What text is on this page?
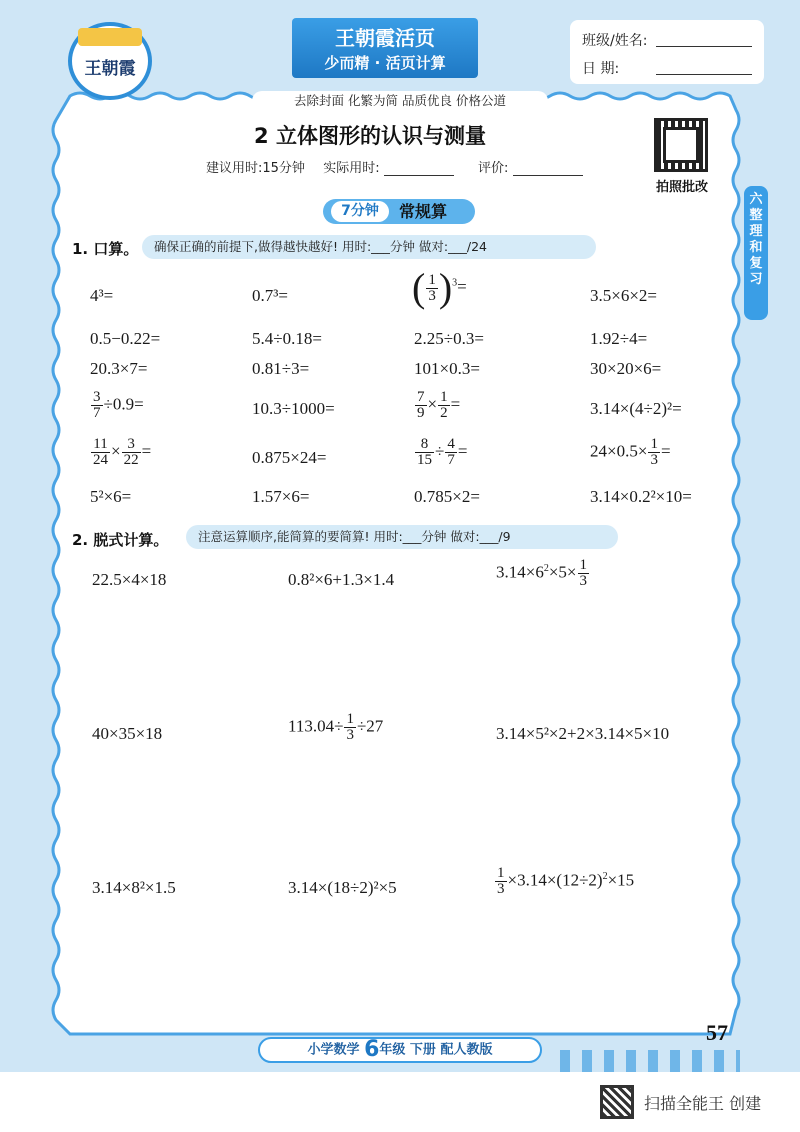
王朝霞
王朝霞活页
少而精 · 活页计算
去除封面 化繁为简 品质优良 价格公道
班级/姓名:
日 期:
2 立体图形的认识与测量
建议用时:15分钟 实际用时:	评价:
拍照批改
六
整
理
和
复
习
7分钟	常规算
1. 口算。	确保正确的前提下,做得越快越好! 用时:___分钟 做对:___/24
4³=	0.7³=	( $\frac{1}{3} )^3=$	3.5×6×2=
0.5−0.22=	5.4÷0.18=	2.25÷0.3=	1.92÷4=
20.3×7=	0.81÷3=	101×0.3=	30×20×6=
$\frac{3}{7} \div 0.9=$	10.3÷1000=	$\frac{7}{9} \times \frac{1}{2}$ =	3.14×(4÷2)²=
$\frac{11}{24} \times \frac{3}{22}$ =	0.875×24=	$\frac{8}{15} \div \frac{4}{7}$ =	$24\times 0.5\times \frac{1}{3}$ =
5²×6=	1.57×6=	0.785×2=	3.14×0.2²×10=
2. 脱式计算。	注意运算顺序,能简算的要简算! 用时:___分钟 做对:___/9
22.5×4×18	0.8²×6+1.3×1.4	$3.14\times 6^2\times 5\times \frac{1}{3}$
40×35×18	$113.04\div \frac{1}{3} \div 27$	3.14×5²×2+2×3.14×5×10
3.14×8²×1.5	3.14×(18÷2)²×5	$\frac{1}{3} \times 3.14\times(12\div 2)^2\times 15$
57
小学数学 6年级 下册 配人教版
扫描全能王 创建
